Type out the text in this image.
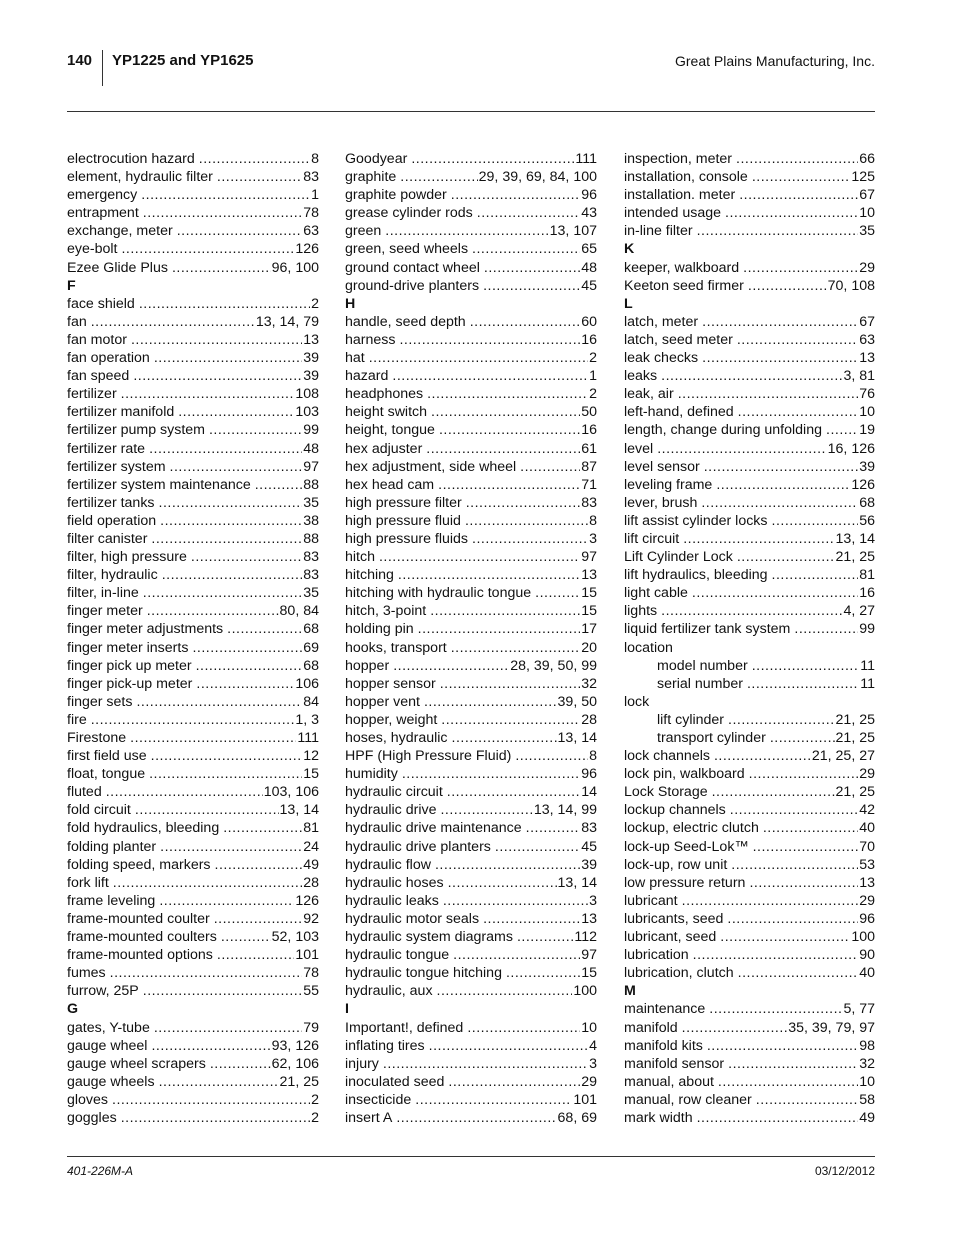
140 YP1225 and YP1625	Great Plains Manufacturing, Inc.
electrocution hazard .....	8
element, hydraulic filter .....	83
emergency .....	1
entrapment .....	78
exchange, meter .....	63
eye-bolt .....	126
Ezee Glide Plus .....	96, 100
F
face shield .....	2
fan .....	13, 14, 79
fan motor .....	13
fan operation .....	39
fan speed .....	39
fertilizer .....	108
fertilizer manifold .....	103
fertilizer pump system .....	99
fertilizer rate .....	48
fertilizer system .....	97
fertilizer system maintenance .....	88
fertilizer tanks .....	35
field operation .....	38
filter canister .....	88
filter, high pressure .....	83
filter, hydraulic .....	83
filter, in-line .....	35
finger meter .....	80, 84
finger meter adjustments .....	68
finger meter inserts .....	69
finger pick up meter .....	68
finger pick-up meter .....	106
finger sets .....	84
fire .....	1, 3
Firestone .....	111
first field use .....	12
float, tongue .....	15
fluted .....	103, 106
fold circuit .....	13, 14
fold hydraulics, bleeding .....	81
folding planter .....	24
folding speed, markers .....	49
fork lift .....	28
frame leveling .....	126
frame-mounted coulter .....	92
frame-mounted coulters .....	52, 103
frame-mounted options .....	101
fumes .....	78
furrow, 25P .....	55
G
gates, Y-tube .....	79
gauge wheel .....	93, 126
gauge wheel scrapers .....	62, 106
gauge wheels .....	21, 25
gloves .....	2
goggles .....	2
Goodyear .....	111
graphite .....	29, 39, 69, 84, 100
graphite powder .....	96
grease cylinder rods .....	43
green .....	13, 107
green, seed wheels .....	65
ground contact wheel .....	48
ground-drive planters .....	45
H
handle, seed depth .....	60
harness .....	16
hat .....	2
hazard .....	1
headphones .....	2
height switch .....	50
height, tongue .....	16
hex adjuster .....	61
hex adjustment, side wheel .....	87
hex head cam .....	71
high pressure filter .....	83
high pressure fluid .....	8
high pressure fluids .....	3
hitch .....	97
hitching .....	13
hitching with hydraulic tongue .....	15
hitch, 3-point .....	15
holding pin .....	17
hooks, transport .....	20
hopper .....	28, 39, 50, 99
hopper sensor .....	32
hopper vent .....	39, 50
hopper, weight .....	28
hoses, hydraulic .....	13, 14
HPF (High Pressure Fluid) .....	8
humidity .....	96
hydraulic circuit .....	14
hydraulic drive .....	13, 14, 99
hydraulic drive maintenance .....	83
hydraulic drive planters .....	45
hydraulic flow .....	39
hydraulic hoses .....	13, 14
hydraulic leaks .....	3
hydraulic motor seals .....	13
hydraulic system diagrams .....	112
hydraulic tongue .....	97
hydraulic tongue hitching .....	15
hydraulic, aux .....	100
I
Important!, defined .....	10
inflating tires .....	4
injury .....	3
inoculated seed .....	29
insecticide .....	101
insert A .....	68, 69
inspection, meter .....	66
installation, console .....	125
installation. meter .....	67
intended usage .....	10
in-line filter .....	35
K
keeper, walkboard .....	29
Keeton seed firmer .....	70, 108
L
latch, meter .....	67
latch, seed meter .....	63
leak checks .....	13
leaks .....	3, 81
leak, air .....	76
left-hand, defined .....	10
length, change during unfolding .....	19
level .....	16, 126
level sensor .....	39
leveling frame .....	126
lever, brush .....	68
lift assist cylinder locks .....	56
lift circuit .....	13, 14
Lift Cylinder Lock .....	21, 25
lift hydraulics, bleeding .....	81
light cable .....	16
lights .....	4, 27
liquid fertilizer tank system .....	99
location
model number .....	11
serial number .....	11
lock
lift cylinder .....	21, 25
transport cylinder .....	21, 25
lock channels .....	21, 25, 27
lock pin, walkboard .....	29
Lock Storage .....	21, 25
lockup channels .....	42
lockup, electric clutch .....	40
lock-up Seed-Lok™ .....	70
lock-up, row unit .....	53
low pressure return .....	13
lubricant .....	29
lubricants, seed .....	96
lubricant, seed .....	100
lubrication .....	90
lubrication, clutch .....	40
M
maintenance .....	5, 77
manifold .....	35, 39, 79, 97
manifold kits .....	98
manifold sensor .....	32
manual, about .....	10
manual, row cleaner .....	58
mark width .....	49
401-226M-A	03/12/2012
